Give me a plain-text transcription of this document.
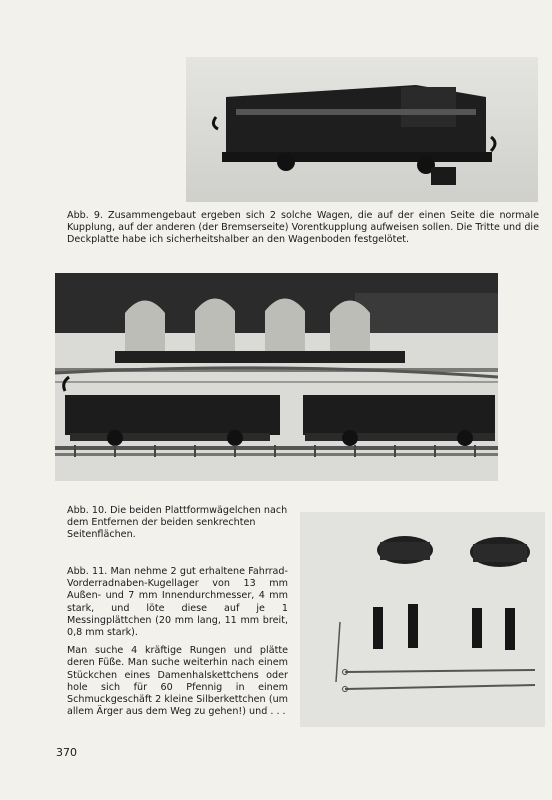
Abb. 9. Zusammengebaut ergeben sich 2 solche Wagen, die auf der einen Seite die normale Kupplung, auf der anderen (der Bremserseite) Vorentkupplung aufweisen sollen. Die Tritte und die Deckplatte habe ich sicherheitshalber an den Wagenboden festgelötet.

Abb. 10. Die beiden Plattformwägelchen nach dem Entfernen der beiden senkrechten Seitenflächen.

Abb. 11. Man nehme 2 gut erhaltene Fahrrad-Vorderradnaben-Kugellager von 13 mm Außen- und 7 mm Innendurchmesser, 4 mm stark, und löte diese auf je 1 Messingplättchen (20 mm lang, 11 mm breit, 0,8 mm stark).
Man suche 4 kräftige Rungen und plätte deren Füße. Man suche weiterhin nach einem Stückchen eines Damenhalskettchens oder hole sich für 60 Pfennig in einem Schmuckgeschäft 2 kleine Silberkettchen (um allem Ärger aus dem Weg zu gehen!) und . . .

370
